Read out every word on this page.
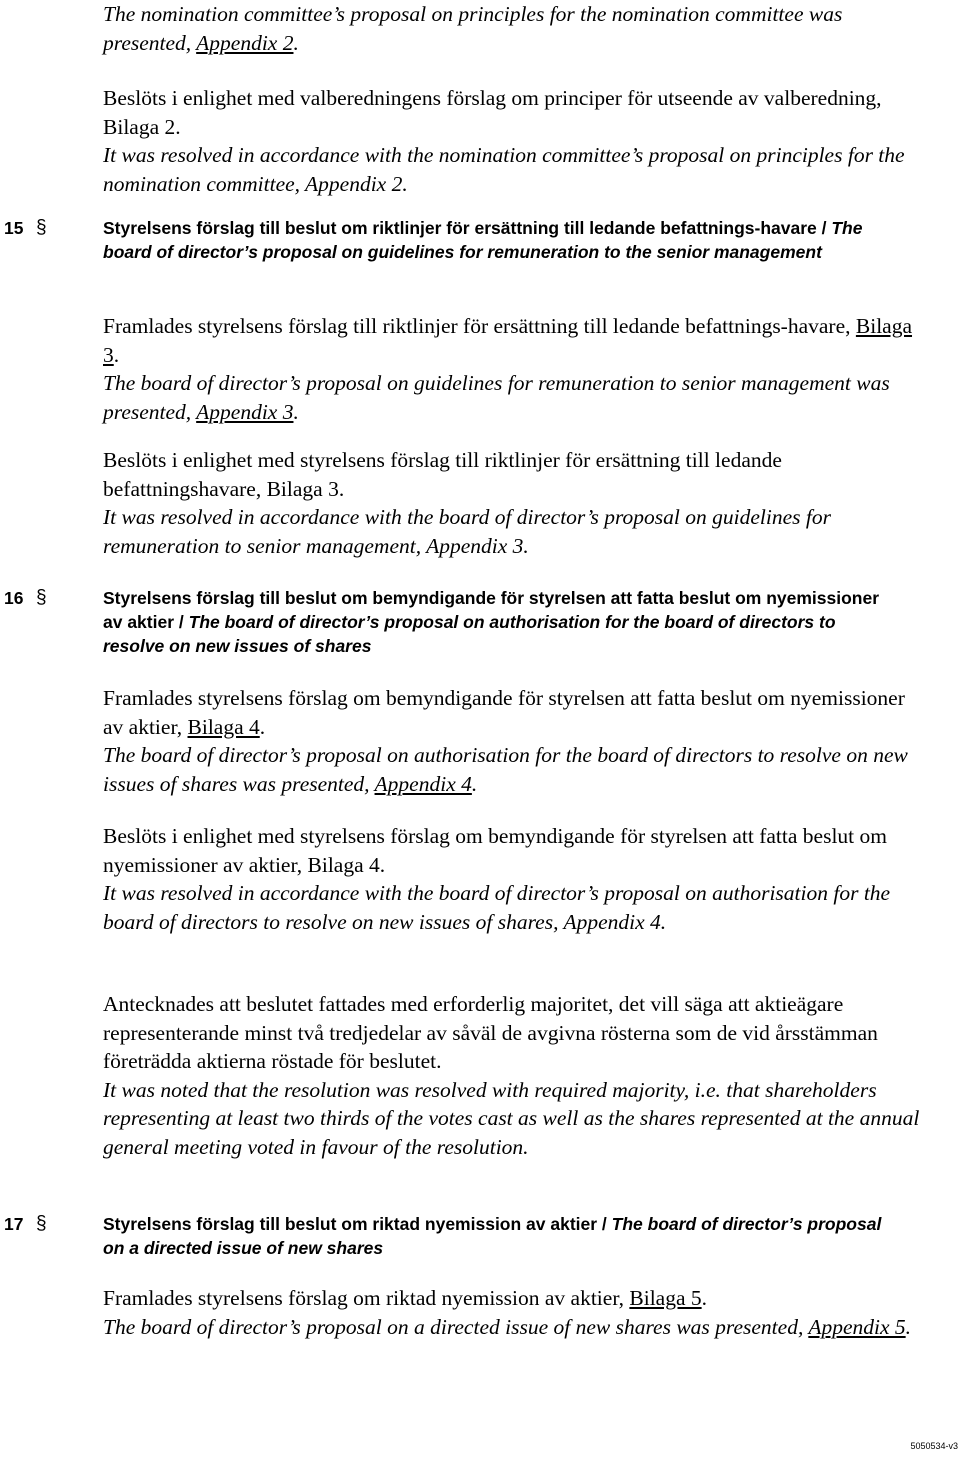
The nomination committee’s proposal on principles for the nomination committee was presented, Appendix 2.

Beslöts i enlighet med valberedningens förslag om principer för utseende av valberedning, Bilaga 2.

It was resolved in accordance with the nomination committee’s proposal on principles for the nomination committee, Appendix 2.

15 §	Styrelsens förslag till beslut om riktlinjer för ersättning till ledande befattnings-havare / The board of director’s proposal on guidelines for remuneration to the senior management

Framlades styrelsens förslag till riktlinjer för ersättning till ledande befattnings-havare, Bilaga 3.

The board of director’s proposal on guidelines for remuneration to senior management was presented, Appendix 3.

Beslöts i enlighet med styrelsens förslag till riktlinjer för ersättning till ledande befattningshavare, Bilaga 3.

It was resolved in accordance with the board of director’s proposal on guidelines for remuneration to senior management, Appendix 3.

16 §	Styrelsens förslag till beslut om bemyndigande för styrelsen att fatta beslut om nyemissioner av aktier / The board of director’s proposal on authorisation for the board of directors to resolve on new issues of shares

Framlades styrelsens förslag om bemyndigande för styrelsen att fatta beslut om nyemissioner av aktier, Bilaga 4.

The board of director’s proposal on authorisation for the board of directors to resolve on new issues of shares was presented, Appendix 4.

Beslöts i enlighet med styrelsens förslag om bemyndigande för styrelsen att fatta beslut om nyemissioner av aktier, Bilaga 4.

It was resolved in accordance with the board of director’s proposal on authorisation for the board of directors to resolve on new issues of shares, Appendix 4.

Antecknades att beslutet fattades med erforderlig majoritet, det vill säga att aktieägare representerande minst två tredjedelar av såväl de avgivna rösterna som de vid årsstämman företrädda aktierna röstade för beslutet.

It was noted that the resolution was resolved with required majority, i.e. that shareholders representing at least two thirds of the votes cast as well as the shares represented at the annual general meeting voted in favour of the resolution.

17 §	Styrelsens förslag till beslut om riktad nyemission av aktier / The board of director’s proposal on a directed issue of new shares

Framlades styrelsens förslag om riktad nyemission av aktier, Bilaga 5.

The board of director’s proposal on a directed issue of new shares was presented, Appendix 5.

5050534-v3
